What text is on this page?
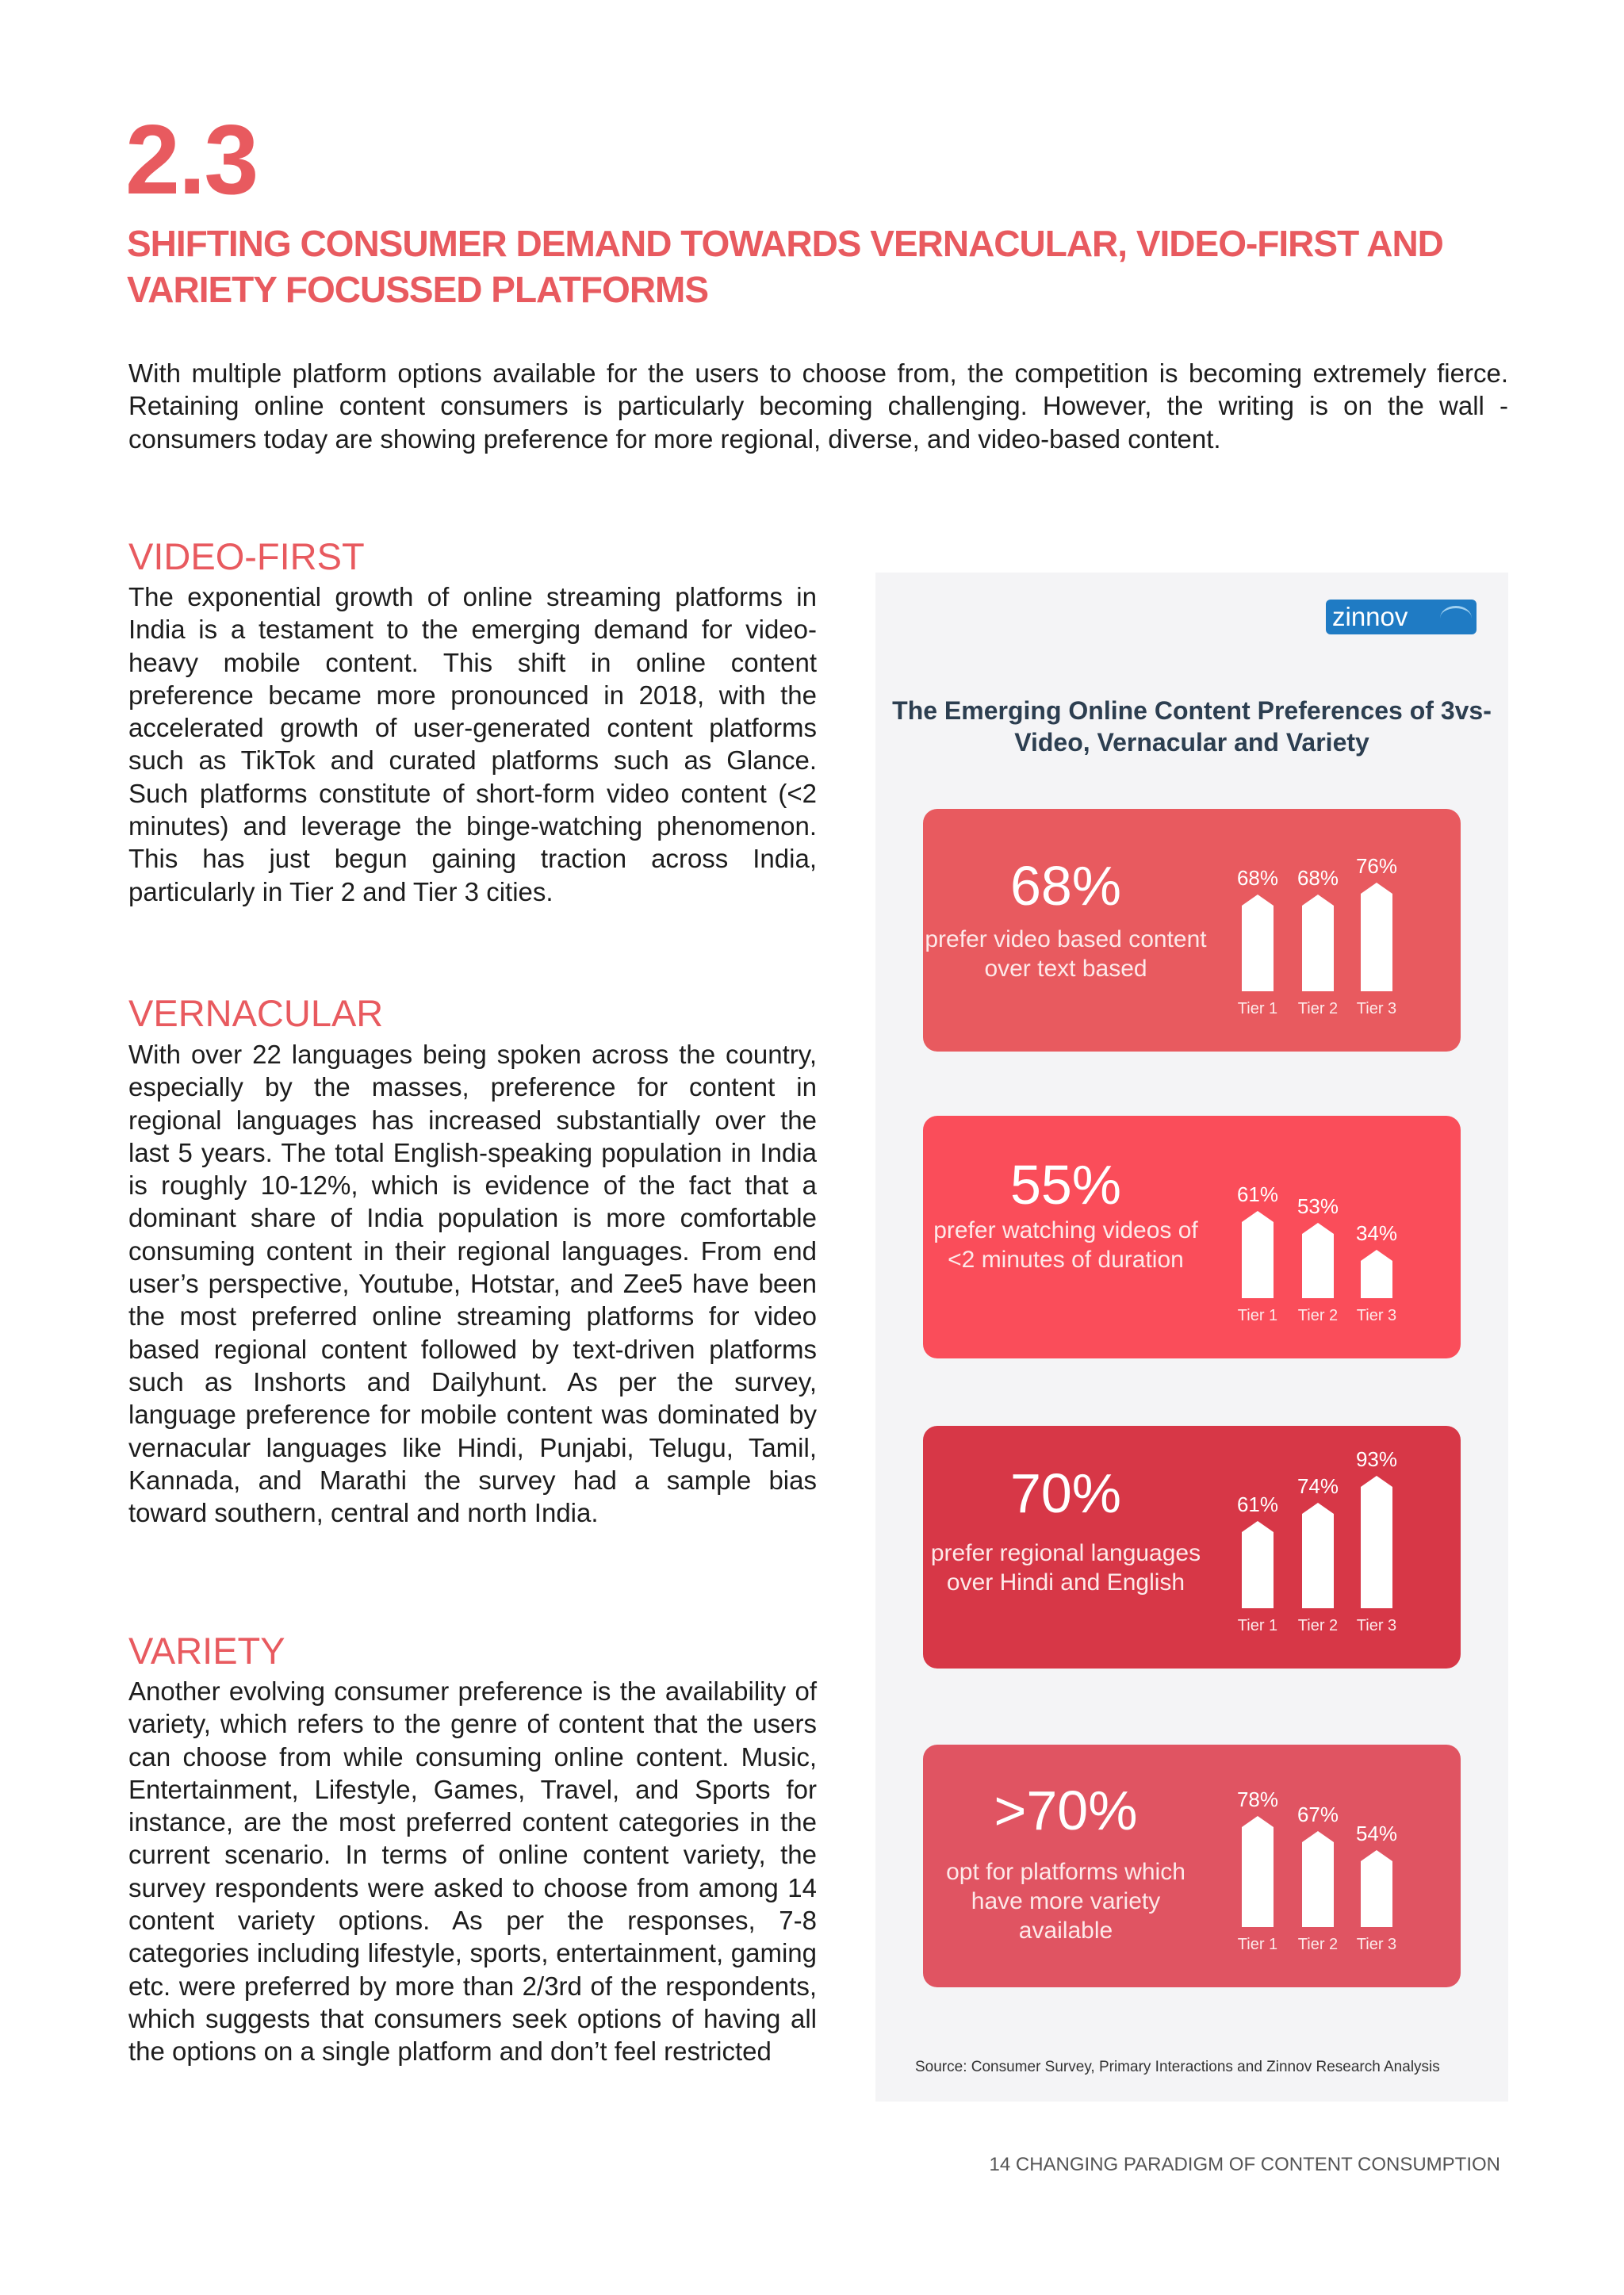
2.3
SHIFTING CONSUMER DEMAND TOWARDS VERNACULAR, VIDEO-FIRST AND VARIETY FOCUSSED PLATFORMS
With multiple platform options available for the users to choose from, the competition is becoming extremely fierce. Retaining online content consumers is particularly becoming challenging. However, the writing is on the wall - consumers today are showing preference for more regional, diverse, and video-based content.
VIDEO-FIRST
The exponential growth of online streaming platforms in India is a testament to the emerging demand for video-heavy mobile content. This shift in online content preference became more pronounced in 2018, with the accelerated growth of user-generated content platforms such as TikTok and curated platforms such as Glance. Such platforms constitute of short-form video content (<2 minutes) and leverage the binge-watching phenomenon. This has just begun gaining traction across India, particularly in Tier 2 and Tier 3 cities.
VERNACULAR
With over 22 languages being spoken across the country, especially by the masses, preference for content in regional languages has increased substantially over the last 5 years. The total English-speaking population in India is roughly 10-12%, which is evidence of the fact that a dominant share of India population is more comfortable consuming content in their regional languages. From end user’s perspective, Youtube, Hotstar, and Zee5 have been the most preferred online streaming platforms for video based regional content followed by text-driven platforms such as Inshorts and Dailyhunt. As per the survey, language preference for mobile content was dominated by vernacular languages like Hindi, Punjabi, Telugu, Tamil, Kannada, and Marathi the survey had a sample bias toward southern, central and north India.
VARIETY
Another evolving consumer preference is the availability of variety, which refers to the genre of content that the users can choose from while consuming online content. Music, Entertainment, Lifestyle, Games, Travel, and Sports for instance, are the most preferred content categories in the current scenario. In terms of online content variety, the survey respondents were asked to choose from among 14 content variety options. As per the responses, 7-8 categories including lifestyle, sports, entertainment, gaming etc. were preferred by more than 2/3rd of the respondents, which suggests that consumers seek options of having all the options on a single platform and don’t feel restricted
zinnov
The Emerging Online Content Preferences of 3vs- Video, Vernacular and Variety
68%
prefer video based content over text based
68%
Tier 1
68%
Tier 2
76%
Tier 3
55%
prefer watching videos of <2 minutes of duration
61%
Tier 1
53%
Tier 2
34%
Tier 3
70%
prefer regional languages over Hindi and English
61%
Tier 1
74%
Tier 2
93%
Tier 3
>70%
opt for platforms which have more variety available
78%
Tier 1
67%
Tier 2
54%
Tier 3
Source: Consumer Survey, Primary Interactions and Zinnov Research Analysis
14 CHANGING PARADIGM OF CONTENT CONSUMPTION
